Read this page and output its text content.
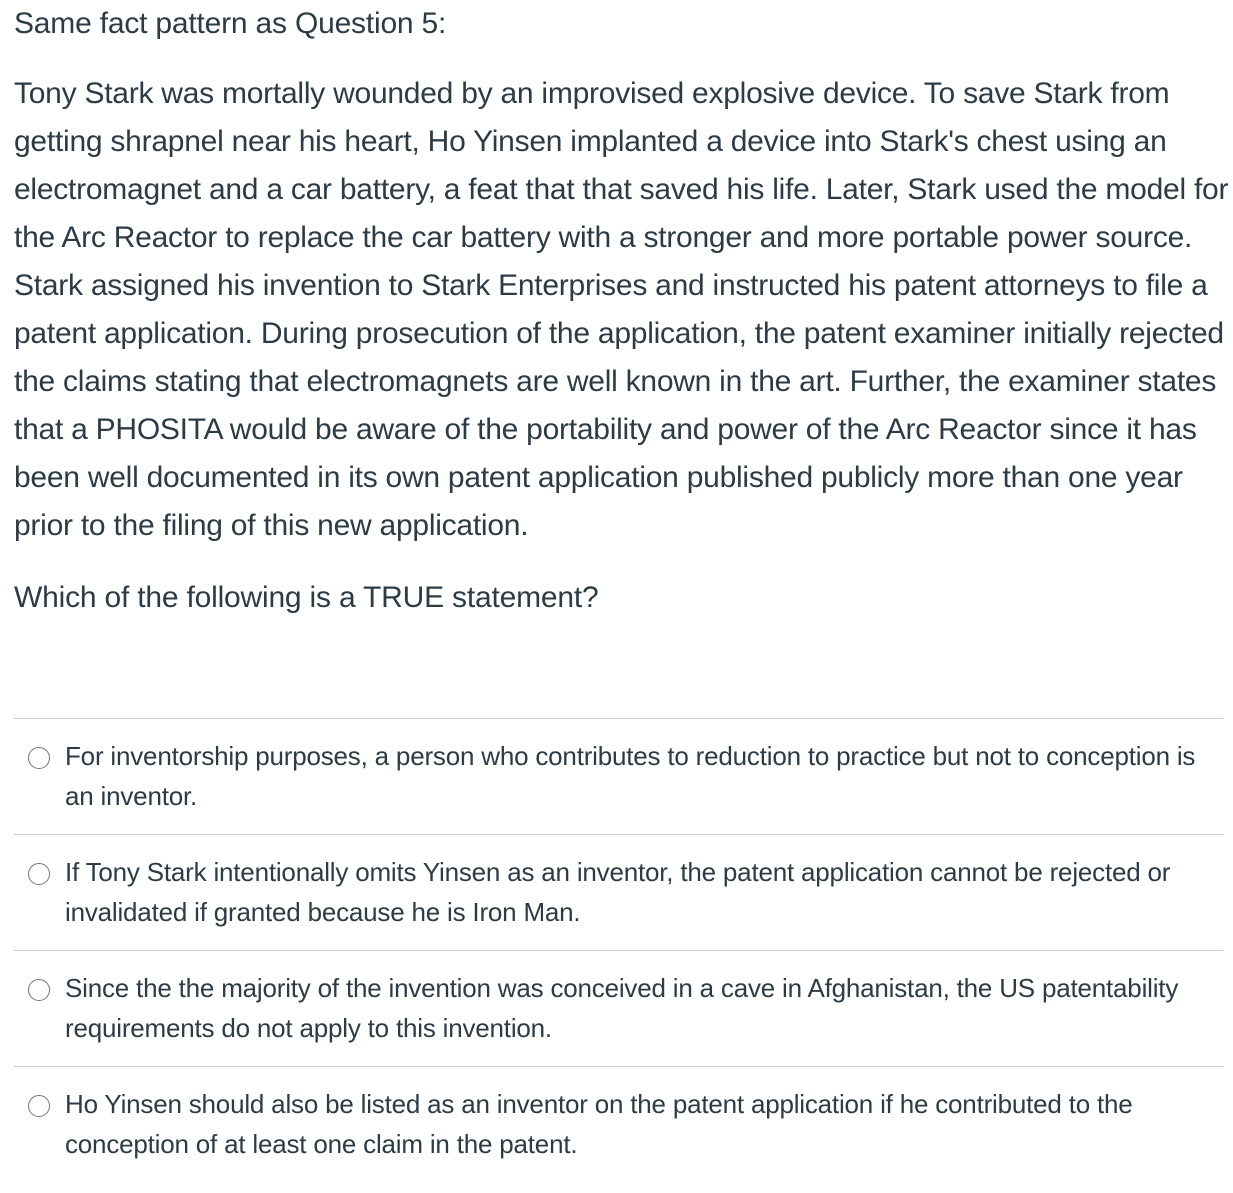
Same fact pattern as Question 5:

Tony Stark was mortally wounded by an improvised explosive device. To save Stark from getting shrapnel near his heart, Ho Yinsen implanted a device into Stark's chest using an electromagnet and a car battery, a feat that that saved his life. Later, Stark used the model for the Arc Reactor to replace the car battery with a stronger and more portable power source. Stark assigned his invention to Stark Enterprises and instructed his patent attorneys to file a patent application. During prosecution of the application, the patent examiner initially rejected the claims stating that electromagnets are well known in the art. Further, the examiner states that a PHOSITA would be aware of the portability and power of the Arc Reactor since it has been well documented in its own patent application published publicly more than one year prior to the filing of this new application.

Which of the following is a TRUE statement?

For inventorship purposes, a person who contributes to reduction to practice but not to conception is an inventor.
If Tony Stark intentionally omits Yinsen as an inventor, the patent application cannot be rejected or invalidated if granted because he is Iron Man.
Since the the majority of the invention was conceived in a cave in Afghanistan, the US patentability requirements do not apply to this invention.
Ho Yinsen should also be listed as an inventor on the patent application if he contributed to the conception of at least one claim in the patent.
